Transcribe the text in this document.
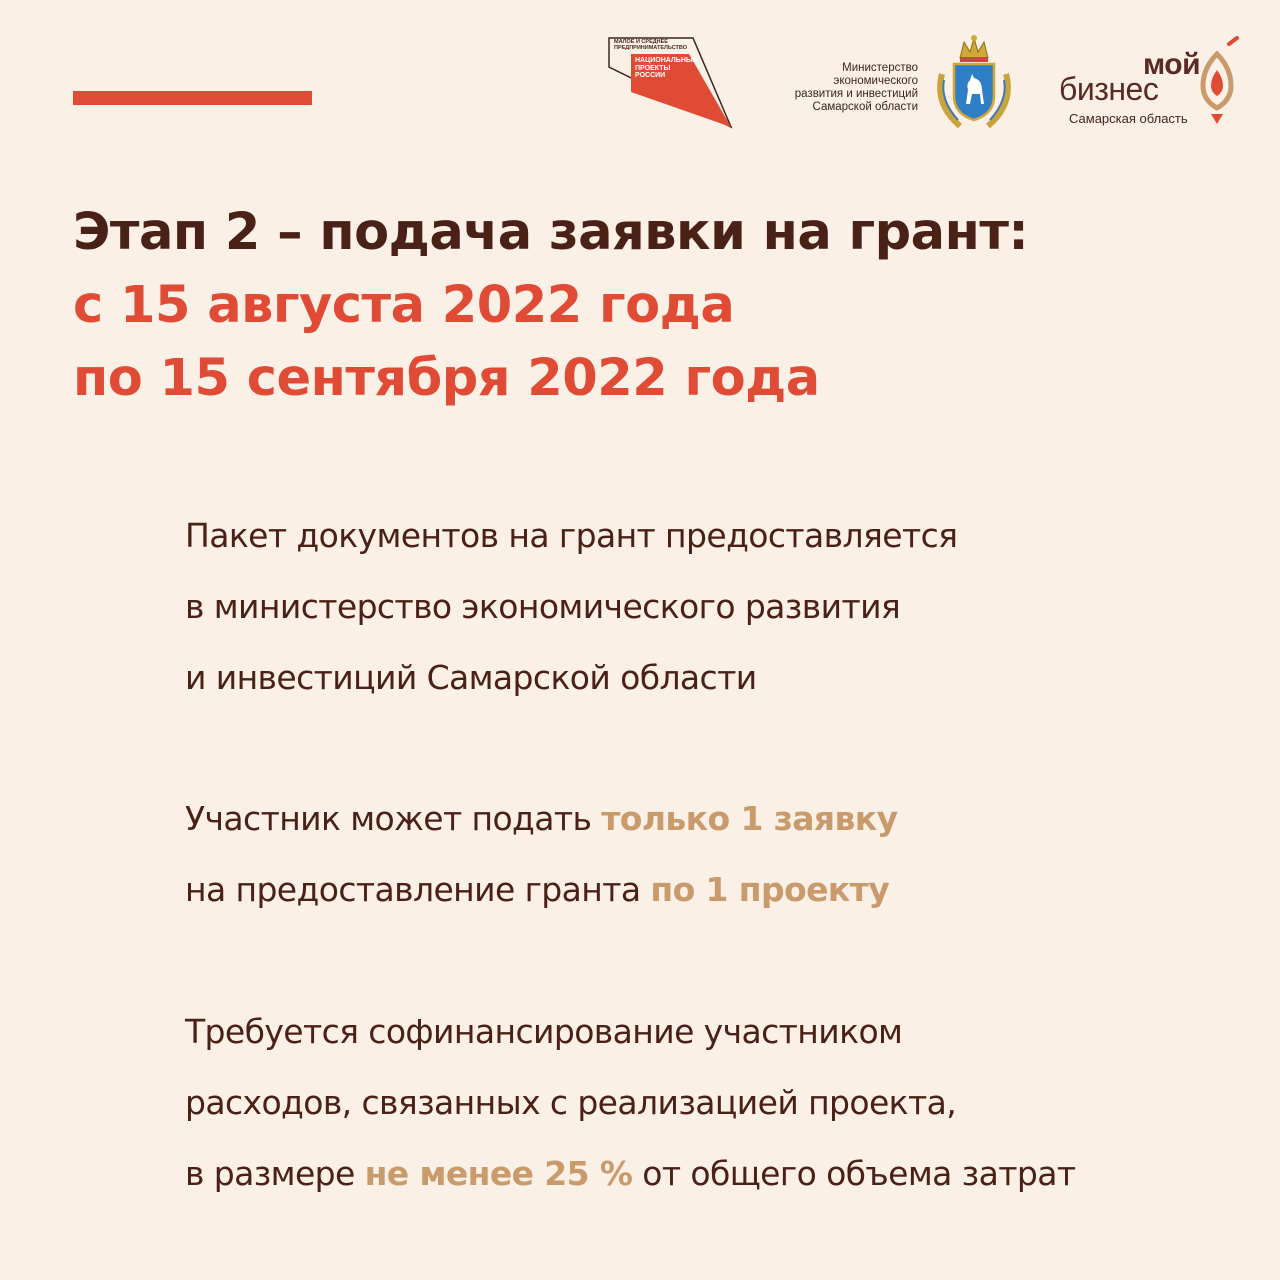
МАЛОЕ И СРЕДНЕЕ ПРЕДПРИНИМАТЕЛЬСТВО
НАЦИОНАЛЬНЫЕ ПРОЕКТЫ РОССИИ
Министерство
экономического
развития и инвестиций
Самарской области
мой
бизнес
Самарская область
Этап 2 – подача заявки на грант:
с 15 августа 2022 года
по 15 сентября 2022 года
Пакет документов на грант предоставляется
в министерство экономического развития
и инвестиций Самарской области
Участник может подать только 1 заявку
на предоставление гранта по 1 проекту
Требуется софинансирование участником
расходов, связанных с реализацией проекта,
в размере не менее 25 % от общего объема затрат
